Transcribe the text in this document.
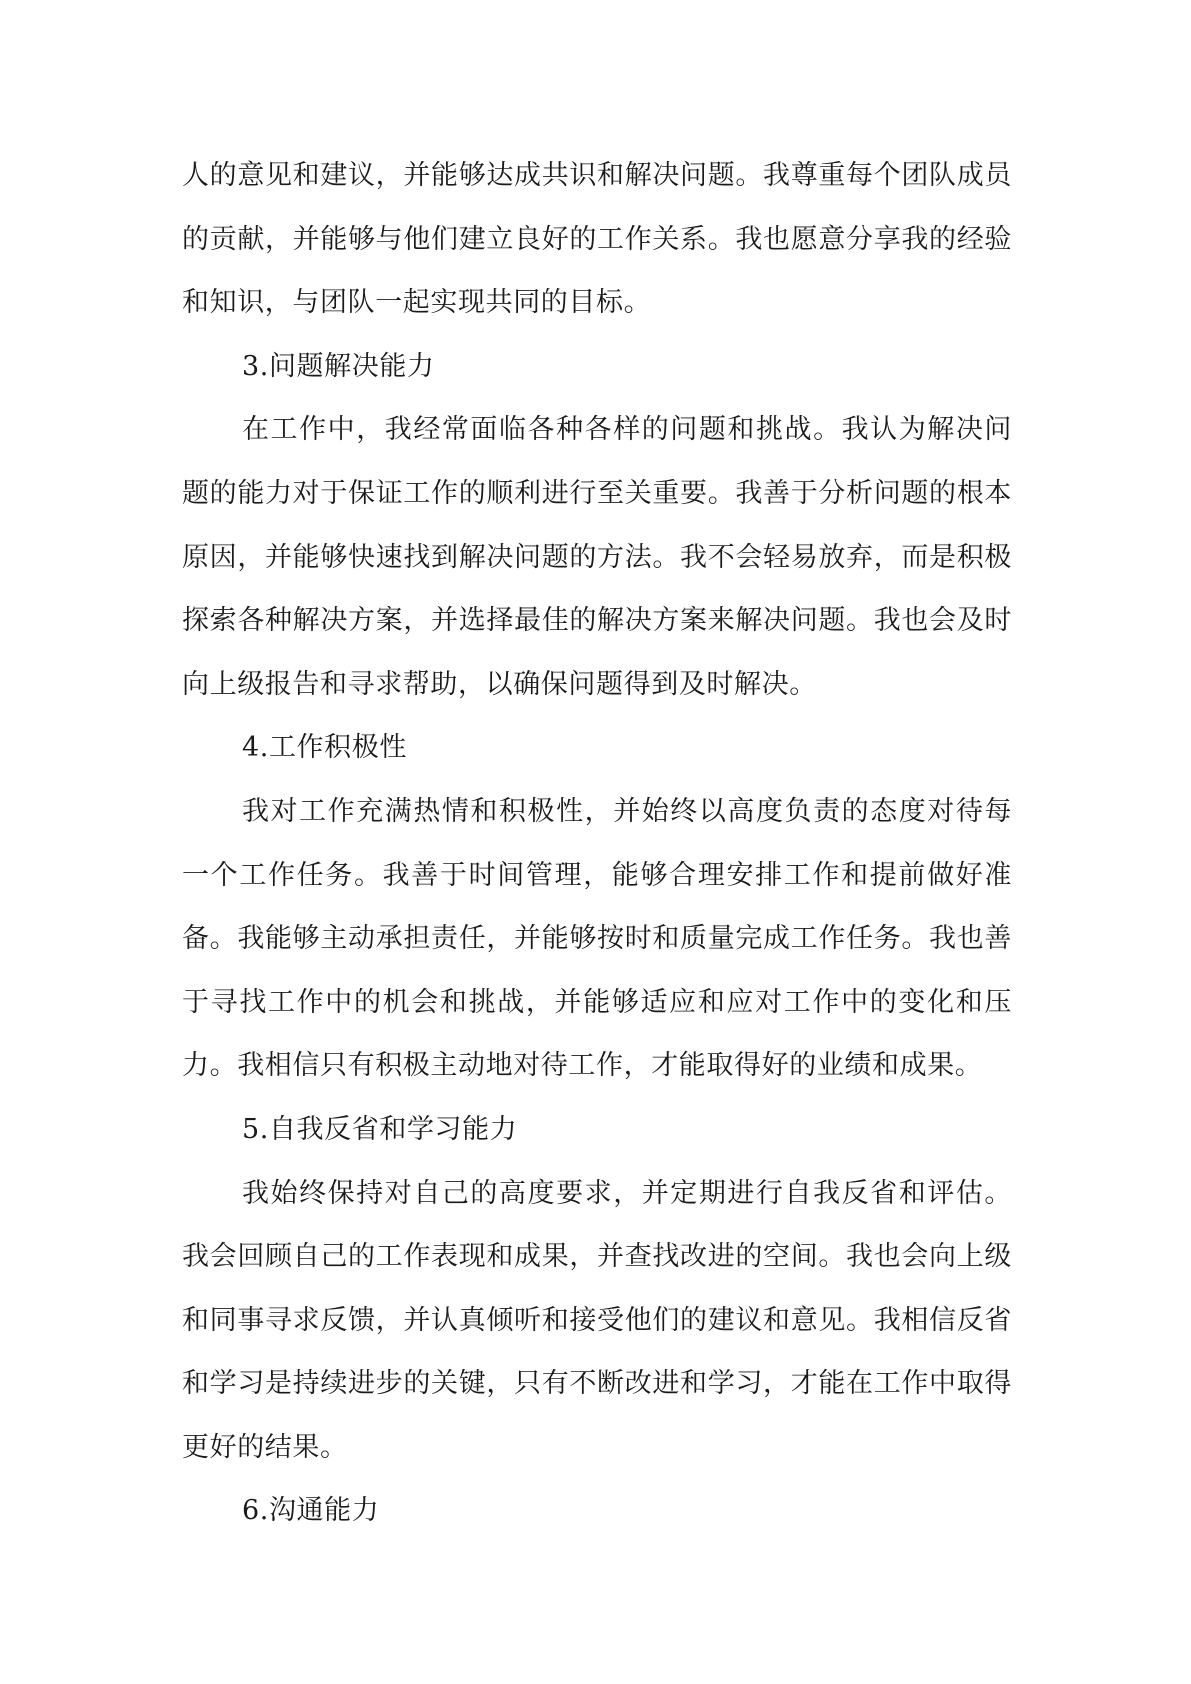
人的意见和建议，并能够达成共识和解决问题。我尊重每个团队成员的贡献，并能够与他们建立良好的工作关系。我也愿意分享我的经验和知识，与团队一起实现共同的目标。

3.问题解决能力

在工作中，我经常面临各种各样的问题和挑战。我认为解决问题的能力对于保证工作的顺利进行至关重要。我善于分析问题的根本原因，并能够快速找到解决问题的方法。我不会轻易放弃，而是积极探索各种解决方案，并选择最佳的解决方案来解决问题。我也会及时向上级报告和寻求帮助，以确保问题得到及时解决。

4.工作积极性

我对工作充满热情和积极性，并始终以高度负责的态度对待每一个工作任务。我善于时间管理，能够合理安排工作和提前做好准备。我能够主动承担责任，并能够按时和质量完成工作任务。我也善于寻找工作中的机会和挑战，并能够适应和应对工作中的变化和压力。我相信只有积极主动地对待工作，才能取得好的业绩和成果。

5.自我反省和学习能力

我始终保持对自己的高度要求，并定期进行自我反省和评估。我会回顾自己的工作表现和成果，并查找改进的空间。我也会向上级和同事寻求反馈，并认真倾听和接受他们的建议和意见。我相信反省和学习是持续进步的关键，只有不断改进和学习，才能在工作中取得更好的结果。

6.沟通能力
